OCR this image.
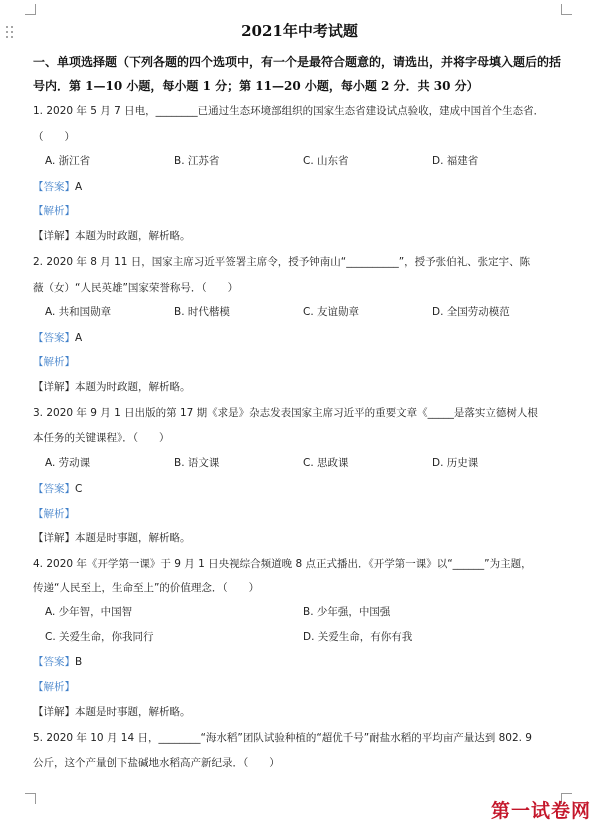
2021年中考试题
一、单项选择题（下列各题的四个选项中，有一个是最符合题意的，请选出，并将字母填入题后的括号内．第 1—10 小题，每小题 1 分；第 11—20 小题，每小题 2 分．共 30 分）
1. 2020 年 5 月 7 日电，________已通过生态环境部组织的国家生态省建设试点验收，建成中国首个生态省．
（　　）
A. 浙江省	B. 江苏省	C. 山东省	D. 福建省
【答案】A
【解析】
【详解】本题为时政题，解析略。
2. 2020 年 8 月 11 日，国家主席习近平签署主席令，授予钟南山“__________”，授予张伯礼、张定宇、陈
薇（女）“人民英雄”国家荣誉称号．（　　）
A. 共和国勋章	B. 时代楷模	C. 友谊勋章	D. 全国劳动模范
【答案】A
【解析】
【详解】本题为时政题，解析略。
3. 2020 年 9 月 1 日出版的第 17 期《求是》杂志发表国家主席习近平的重要文章《_____是落实立德树人根
本任务的关键课程》．（　　）
A. 劳动课	B. 语文课	C. 思政课	D. 历史课
【答案】C
【解析】
【详解】本题是时事题，解析略。
4. 2020 年《开学第一课》于 9 月 1 日央视综合频道晚 8 点正式播出．《开学第一课》以“______”为主题，
传递“人民至上，生命至上”的价值理念．（　　）
A. 少年智，中国智	B. 少年强，中国强
C. 关爱生命，你我同行	D. 关爱生命，有你有我
【答案】B
【解析】
【详解】本题是时事题，解析略。
5. 2020 年 10 月 14 日，________“海水稻”团队试验种植的“超优千号”耐盐水稻的平均亩产量达到 802. 9
公斤，这个产量创下盐碱地水稻高产新纪录．（　　）
第一试卷网
